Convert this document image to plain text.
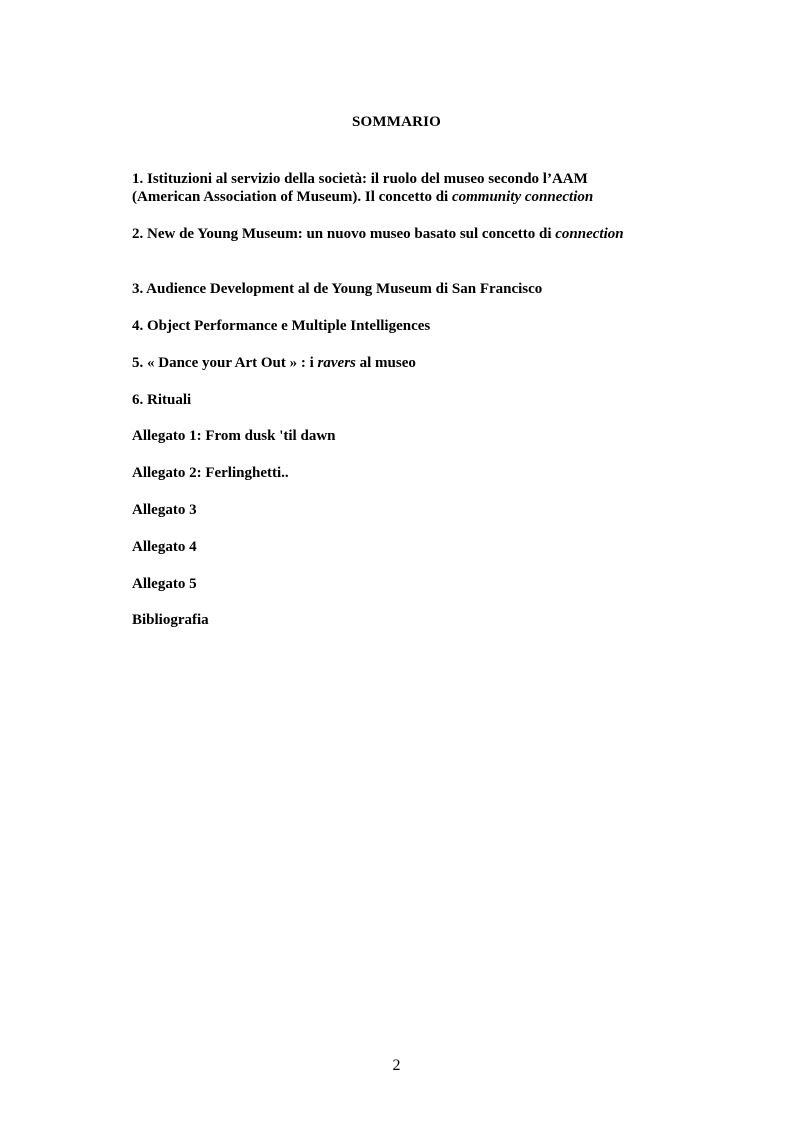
SOMMARIO
1. Istituzioni al servizio della società: il ruolo del museo secondo l’AAM
(American Association of Museum). Il concetto di community connection
2. New de Young Museum: un nuovo museo basato sul concetto di connection
3. Audience Development al de Young Museum di San Francisco
4. Object Performance e Multiple Intelligences
5. « Dance your Art Out » : i ravers al museo
6. Rituali
Allegato 1: From dusk 'til dawn
Allegato 2: Ferlinghetti..
Allegato 3
Allegato 4
Allegato 5
Bibliografia
2
